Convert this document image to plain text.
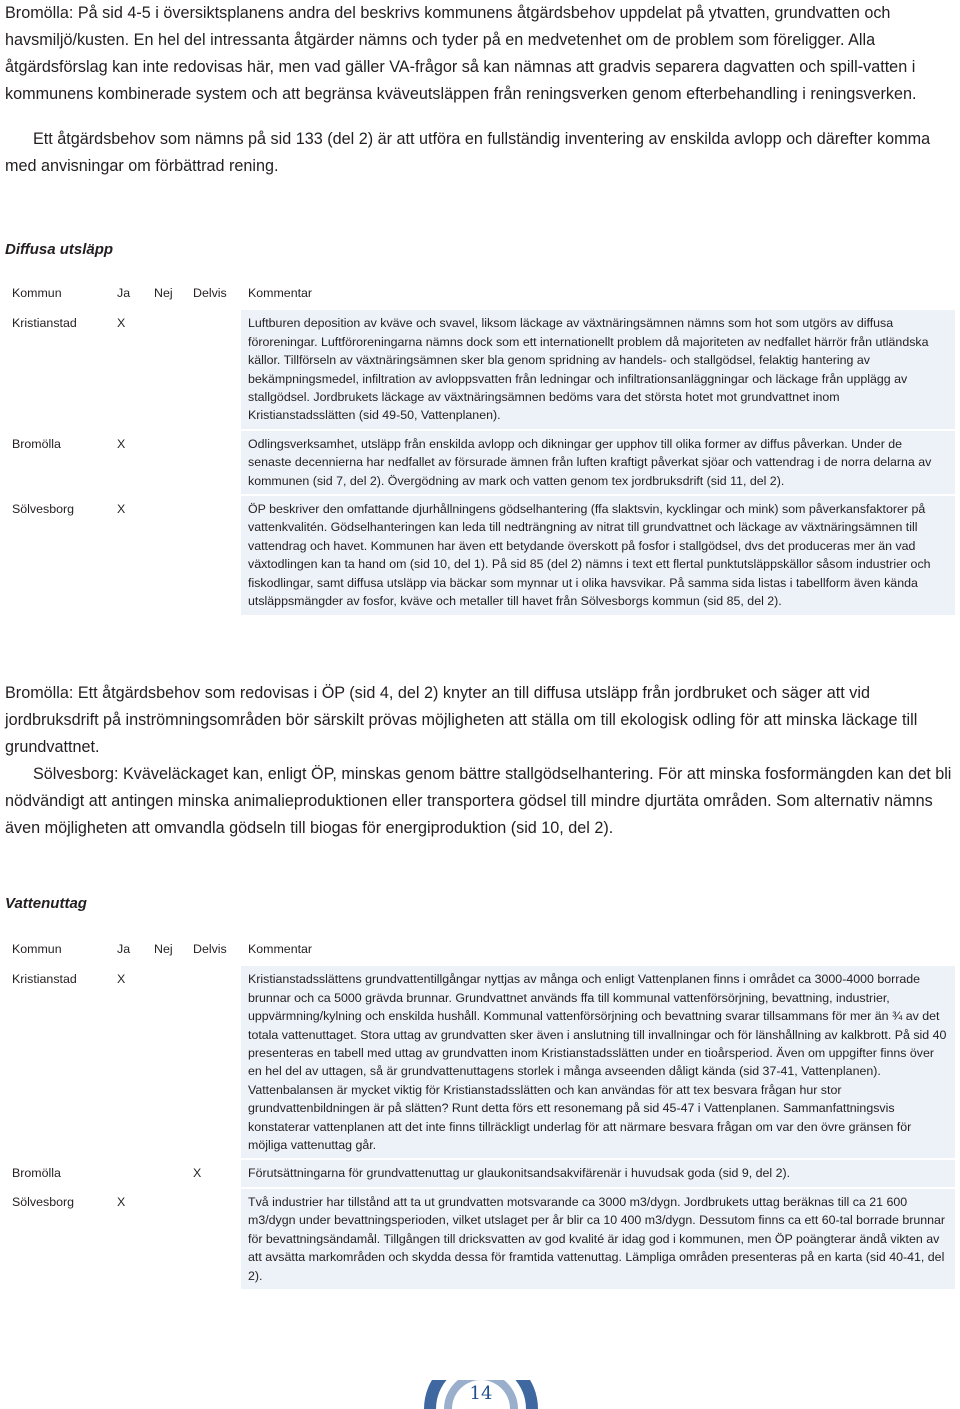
Bromölla: På sid 4-5 i översiktsplanens andra del beskrivs kommunens åtgärdsbehov uppdelat på ytvatten, grundvatten och havsmiljö/kusten. En hel del intressanta åtgärder nämns och tyder på en medvetenhet om de problem som föreligger. Alla åtgärdsförslag kan inte redovisas här, men vad gäller VA-frågor så kan nämnas att gradvis separera dagvatten och spill-vatten i kommunens kombinerade system och att begränsa kväveutsläppen från reningsverken genom efterbehandling i reningsverken.

Ett åtgärdsbehov som nämns på sid 133 (del 2) är att utföra en fullständig inventering av enskilda avlopp och därefter komma med anvisningar om förbättrad rening.

Diffusa utsläpp
Kommun	Ja	Nej	Delvis	Kommentar
Kristianstad	X			Luftburen deposition av kväve och svavel, liksom läckage av växtnäringsämnen nämns som hot som utgörs av diffusa föroreningar. Luftföroreningarna nämns dock som ett internationellt problem då majoriteten av nedfallet härrör från utländska källor. Tillförseln av växtnäringsämnen sker bla genom spridning av handels- och stallgödsel, felaktig hantering av bekämpningsmedel, infiltration av avloppsvatten från ledningar och infiltrationsanläggningar och läckage från upplägg av stallgödsel. Jordbrukets läckage av växtnäringsämnen bedöms vara det största hotet mot grundvattnet inom Kristianstadsslätten (sid 49-50, Vattenplanen).
Bromölla	X			Odlingsverksamhet, utsläpp från enskilda avlopp och dikningar ger upphov till olika former av diffus påverkan. Under de senaste decennierna har nedfallet av försurade ämnen från luften kraftigt påverkat sjöar och vattendrag i de norra delarna av kommunen (sid 7, del 2). Övergödning av mark och vatten genom tex jordbruksdrift (sid 11, del 2).
Sölvesborg	X			ÖP beskriver den omfattande djurhållningens gödselhantering (ffa slaktsvin, kycklingar och mink) som påverkansfaktorer på vattenkvalitén. Gödselhanteringen kan leda till nedträngning av nitrat till grundvattnet och läckage av växtnäringsämnen till vattendrag och havet. Kommunen har även ett betydande överskott på fosfor i stallgödsel, dvs det produceras mer än vad växtodlingen kan ta hand om (sid 10, del 1). På sid 85 (del 2) nämns i text ett flertal punktutsläppskällor såsom industrier och fiskodlingar, samt diffusa utsläpp via bäckar som mynnar ut i olika havsvikar. På samma sida listas i tabellform även kända utsläppsmängder av fosfor, kväve och metaller till havet från Sölvesborgs kommun (sid 85, del 2).

Bromölla: Ett åtgärdsbehov som redovisas i ÖP (sid 4, del 2) knyter an till diffusa utsläpp från jordbruket och säger att vid jordbruksdrift på inströmningsområden bör särskilt prövas möjligheten att ställa om till ekologisk odling för att minska läckage till grundvattnet.

Sölvesborg: Kväveläckaget kan, enligt ÖP, minskas genom bättre stallgödselhantering. För att minska fosformängden kan det bli nödvändigt att antingen minska animalieproduktionen eller transportera gödsel till mindre djurtäta områden. Som alternativ nämns även möjligheten att omvandla gödseln till biogas för energiproduktion (sid 10, del 2).

Vattenuttag
Kommun	Ja	Nej	Delvis	Kommentar
Kristianstad	X			Kristianstadsslättens grundvattentillgångar nyttjas av många och enligt Vattenplanen finns i området ca 3000-4000 borrade brunnar och ca 5000 grävda brunnar. Grundvattnet används ffa till kommunal vattenförsörjning, bevattning, industrier, uppvärmning/kylning och enskilda hushåll. Kommunal vattenförsörjning och bevattning svarar tillsammans för mer än ¾ av det totala vattenuttaget. Stora uttag av grundvatten sker även i anslutning till invallningar och för länshållning av kalkbrott. På sid 40 presenteras en tabell med uttag av grundvatten inom Kristianstadsslätten under en tioårsperiod. Även om uppgifter finns över en hel del av uttagen, så är grundvattenuttagens storlek i många avseenden dåligt kända (sid 37-41, Vattenplanen). Vattenbalansen är mycket viktig för Kristianstadsslätten och kan användas för att tex besvara frågan hur stor grundvattenbildningen är på slätten? Runt detta förs ett resonemang på sid 45-47 i Vattenplanen. Sammanfattningsvis konstaterar vattenplanen att det inte finns tillräckligt underlag för att närmare besvara frågan om var den övre gränsen för möjliga vattenuttag går.
Bromölla			X	Förutsättningarna för grundvattenuttag ur glaukonitsandsakvifärenär i huvudsak goda (sid 9, del 2).
Sölvesborg	X			Två industrier har tillstånd att ta ut grundvatten motsvarande ca 3000 m3/dygn. Jordbrukets uttag beräknas till ca 21 600 m3/dygn under bevattningsperioden, vilket utslaget per år blir ca 10 400 m3/dygn. Dessutom finns ca ett 60-tal borrade brunnar för bevattningsändamål. Tillgången till dricksvatten av god kvalité är idag god i kommunen, men ÖP poängterar ändå vikten av att avsätta markområden och skydda dessa för framtida vattenuttag. Lämpliga områden presenteras på en karta (sid 40-41, del 2).
14
